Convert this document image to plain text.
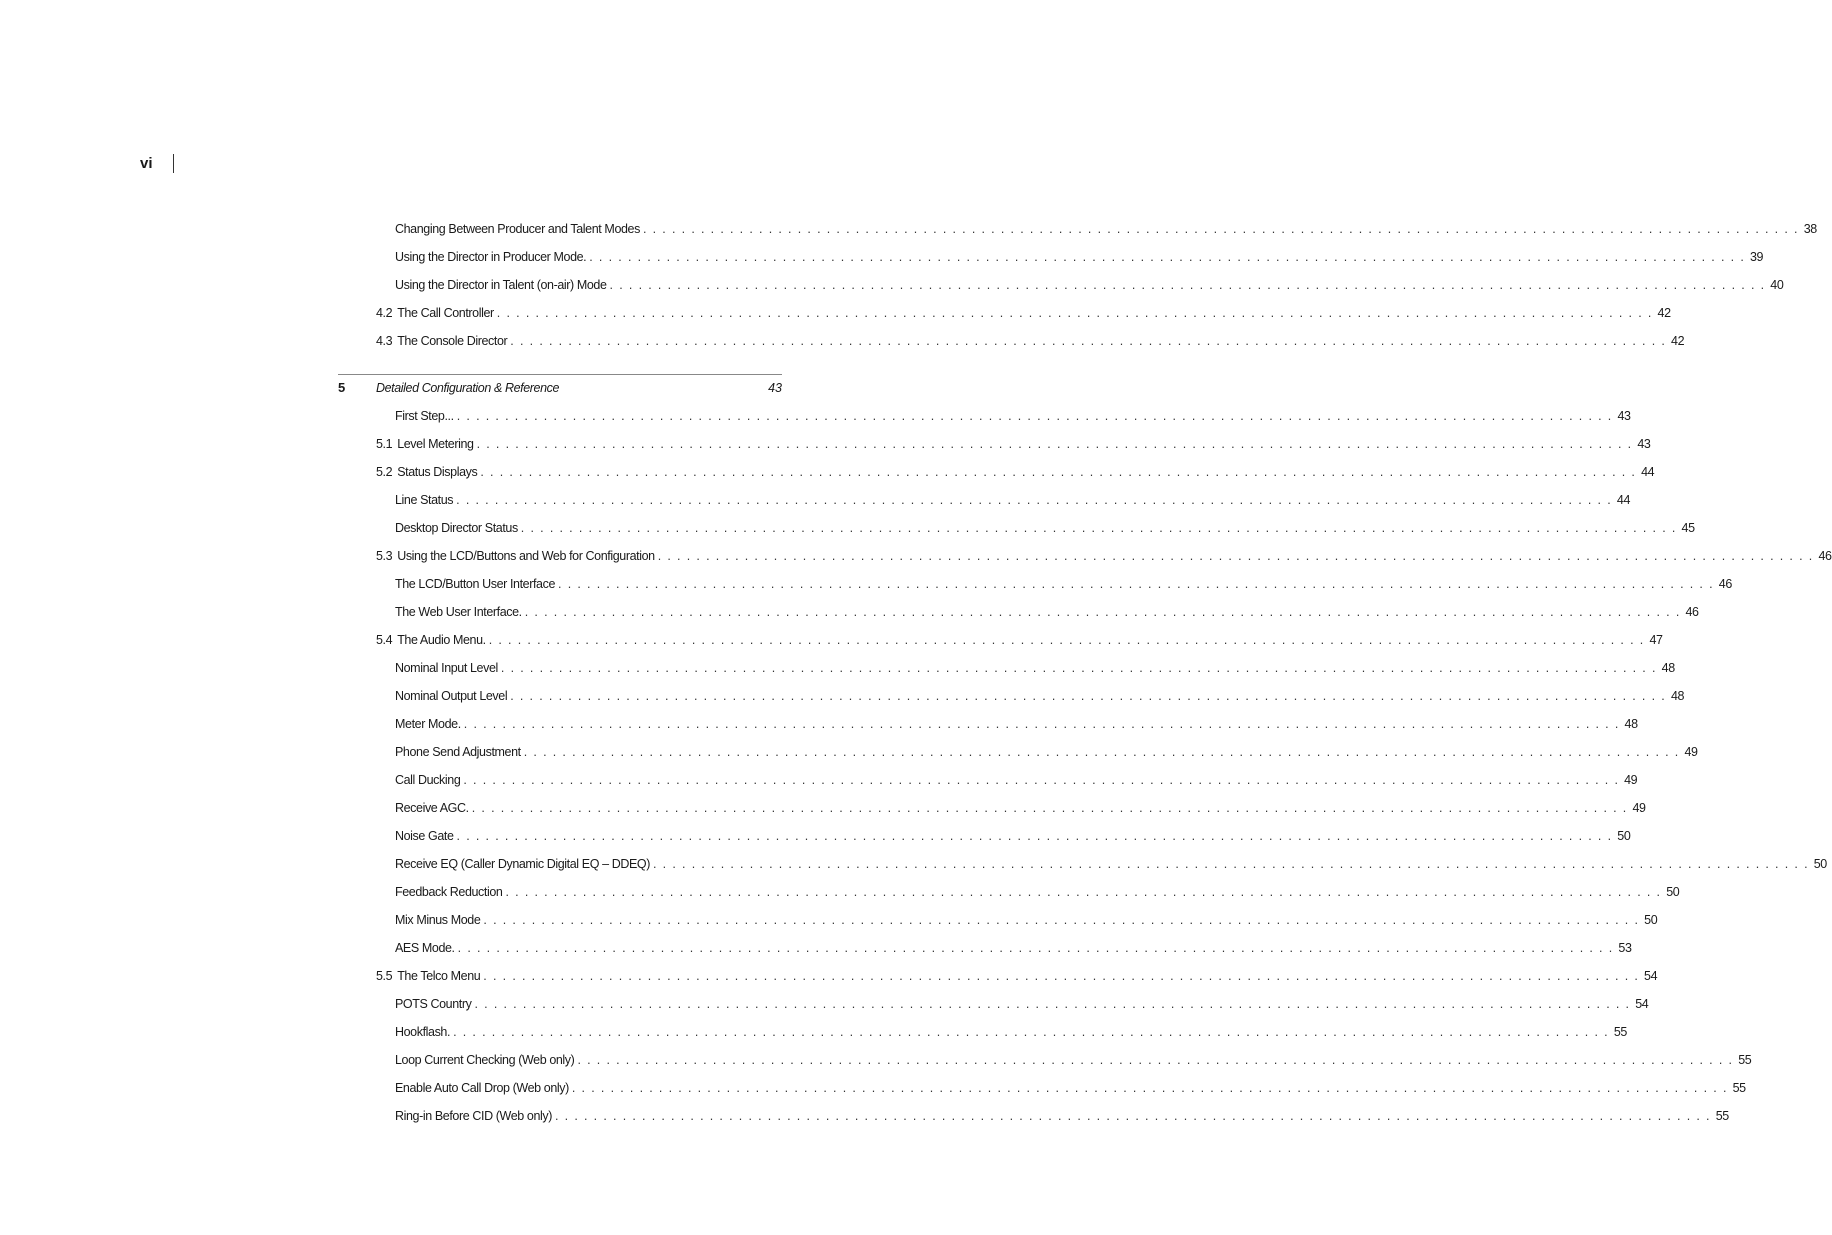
vi
Changing Between Producer and Talent Modes ........................................................................................................................ 38
Using the Director in Producer Mode. ........................................................................................................................ 39
Using the Director in Talent (on-air) Mode ........................................................................................................................ 40
4.2 The Call Controller ........................................................................................................................ 42
4.3 The Console Director ........................................................................................................................ 42
5 Detailed Configuration & Reference	43
First Step... ........................................................................................................................ 43
5.1 Level Metering ........................................................................................................................ 43
5.2 Status Displays ........................................................................................................................ 44
Line Status ........................................................................................................................ 44
Desktop Director Status ........................................................................................................................ 45
5.3 Using the LCD/Buttons and Web for Configuration ........................................................................................................................ 46
The LCD/Button User Interface ........................................................................................................................ 46
The Web User Interface. ........................................................................................................................ 46
5.4 The Audio Menu. ........................................................................................................................ 47
Nominal Input Level ........................................................................................................................ 48
Nominal Output Level ........................................................................................................................ 48
Meter Mode. ........................................................................................................................ 48
Phone Send Adjustment ........................................................................................................................ 49
Call Ducking ........................................................................................................................ 49
Receive AGC. ........................................................................................................................ 49
Noise Gate ........................................................................................................................ 50
Receive EQ (Caller Dynamic Digital EQ – DDEQ) ........................................................................................................................ 50
Feedback Reduction ........................................................................................................................ 50
Mix Minus Mode ........................................................................................................................ 50
AES Mode. ........................................................................................................................ 53
5.5 The Telco Menu ........................................................................................................................ 54
POTS Country ........................................................................................................................ 54
Hookflash. ........................................................................................................................ 55
Loop Current Checking (Web only) ........................................................................................................................ 55
Enable Auto Call Drop (Web only) ........................................................................................................................ 55
Ring-in Before CID (Web only) ........................................................................................................................ 55
